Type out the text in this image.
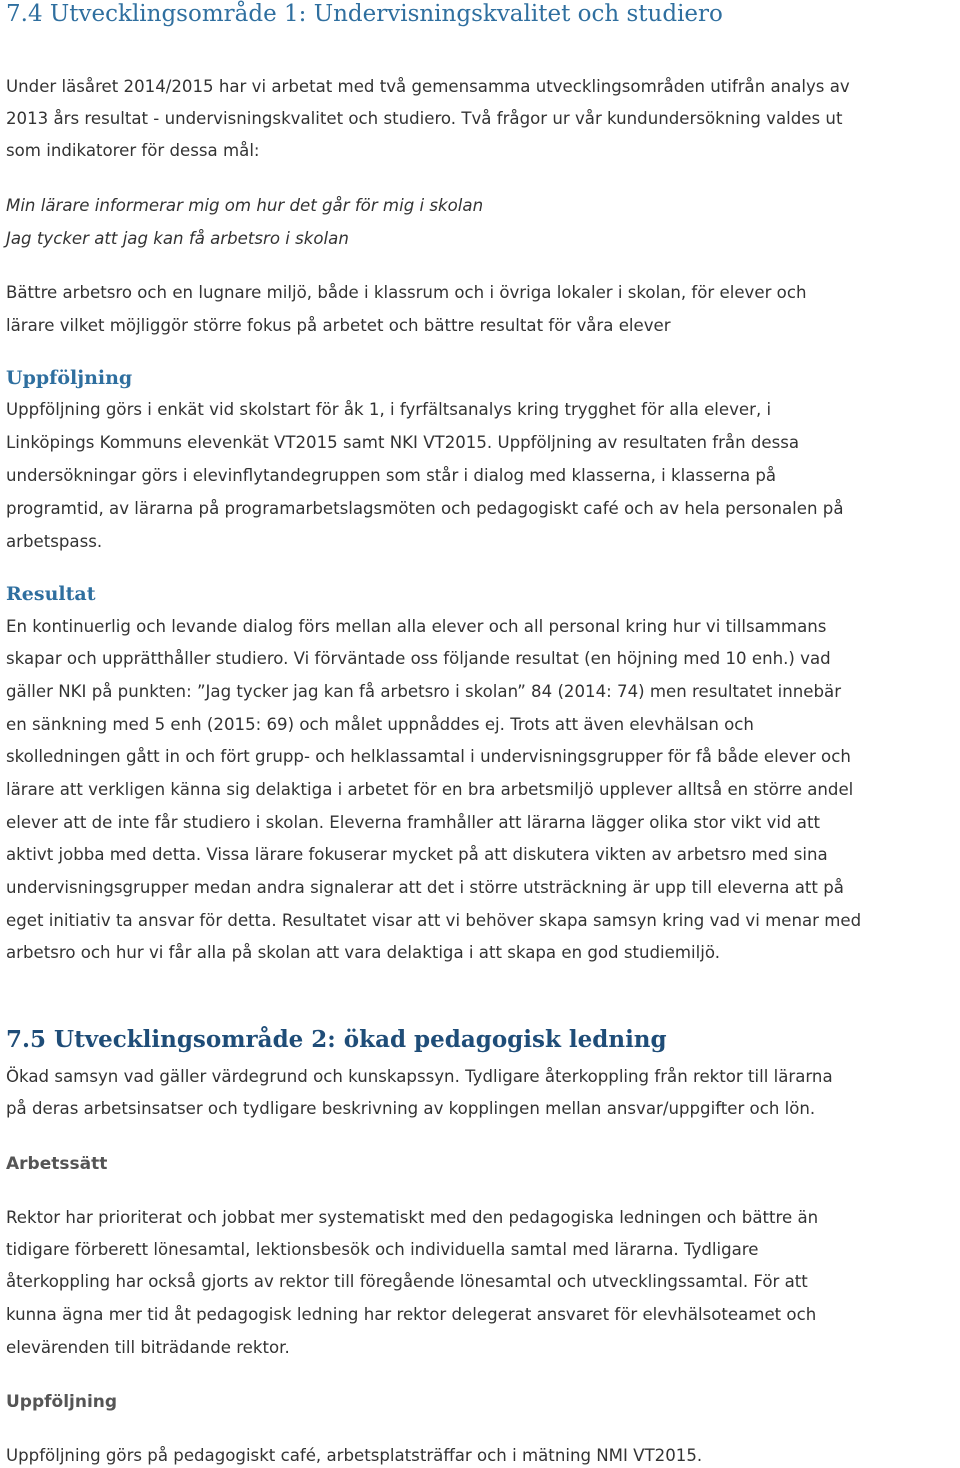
7.4 Utvecklingsområde 1: Undervisningskvalitet och studiero

Under läsåret 2014/2015 har vi arbetat med två gemensamma utvecklingsområden utifrån analys av

2013 års resultat - undervisningskvalitet och studiero. Två frågor ur vår kundundersökning valdes ut

som indikatorer för dessa mål:

Min lärare informerar mig om hur det går för mig i skolan

Jag tycker att jag kan få arbetsro i skolan

Bättre arbetsro och en lugnare miljö, både i klassrum och i övriga lokaler i skolan, för elever och

lärare vilket möjliggör större fokus på arbetet och bättre resultat för våra elever

Uppföljning

Uppföljning görs i enkät vid skolstart för åk 1, i fyrfältsanalys kring trygghet för alla elever, i

Linköpings Kommuns elevenkät VT2015 samt NKI VT2015. Uppföljning av resultaten från dessa

undersökningar görs i elevinflytandegruppen som står i dialog med klasserna, i klasserna på

programtid, av lärarna på programarbetslagsmöten och pedagogiskt café och av hela personalen på

arbetspass.

Resultat

En kontinuerlig och levande dialog förs mellan alla elever och all personal kring hur vi tillsammans

skapar och upprätthåller studiero. Vi förväntade oss följande resultat (en höjning med 10 enh.) vad

gäller NKI på punkten: ”Jag tycker jag kan få arbetsro i skolan” 84 (2014: 74) men resultatet innebär

en sänkning med 5 enh (2015: 69) och målet uppnåddes ej. Trots att även elevhälsan och

skolledningen gått in och fört grupp- och helklassamtal i undervisningsgrupper för få både elever och

lärare att verkligen känna sig delaktiga i arbetet för en bra arbetsmiljö upplever alltså en större andel

elever att de inte får studiero i skolan. Eleverna framhåller att lärarna lägger olika stor vikt vid att

aktivt jobba med detta. Vissa lärare fokuserar mycket på att diskutera vikten av arbetsro med sina

undervisningsgrupper medan andra signalerar att det i större utsträckning är upp till eleverna att på

eget initiativ ta ansvar för detta. Resultatet visar att vi behöver skapa samsyn kring vad vi menar med

arbetsro och hur vi får alla på skolan att vara delaktiga i att skapa en god studiemiljö.

7.5 Utvecklingsområde 2: ökad pedagogisk ledning

Ökad samsyn vad gäller värdegrund och kunskapssyn. Tydligare återkoppling från rektor till lärarna

på deras arbetsinsatser och tydligare beskrivning av kopplingen mellan ansvar/uppgifter och lön.

Arbetssätt

Rektor har prioriterat och jobbat mer systematiskt med den pedagogiska ledningen och bättre än

tidigare förberett lönesamtal, lektionsbesök och individuella samtal med lärarna. Tydligare

återkoppling har också gjorts av rektor till föregående lönesamtal och utvecklingssamtal. För att

kunna ägna mer tid åt pedagogisk ledning har rektor delegerat ansvaret för elevhälsoteamet och

elevärenden till biträdande rektor.

Uppföljning

Uppföljning görs på pedagogiskt café, arbetsplatsträffar och i mätning NMI VT2015.
